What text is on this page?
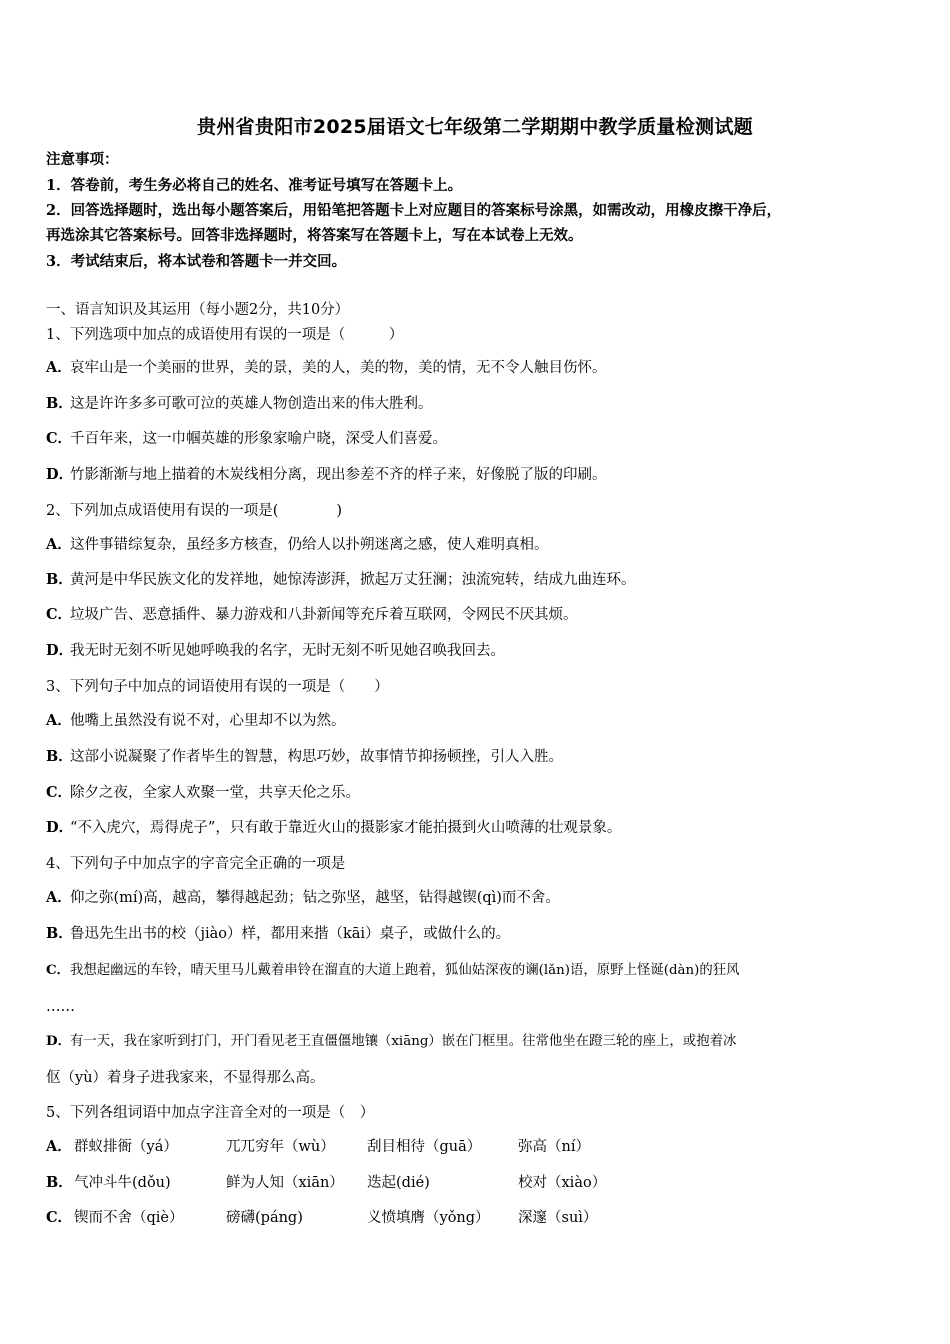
贵州省贵阳市2025届语文七年级第二学期期中教学质量检测试题
注意事项：
1．答卷前，考生务必将自己的姓名、准考证号填写在答题卡上。
2．回答选择题时，选出每小题答案后，用铅笔把答题卡上对应题目的答案标号涂黑，如需改动，用橡皮擦干净后，
再选涂其它答案标号。回答非选择题时，将答案写在答题卡上，写在本试卷上无效。
3．考试结束后，将本试卷和答题卡一并交回。
一、语言知识及其运用（每小题2分，共10分）
1、下列选项中加点的成语使用有误的一项是（　　　）
A．哀牢山是一个美丽的世界，美的景，美的人，美的物，美的情，无不令人触目伤怀。
B．这是许许多多可歌可泣的英雄人物创造出来的伟大胜利。
C．千百年来，这一巾帼英雄的形象家喻户晓，深受人们喜爱。
D．竹影渐渐与地上描着的木炭线相分离，现出参差不齐的样子来，好像脱了版的印刷。
2、下列加点成语使用有误的一项是(　　　　)
A．这件事错综复杂，虽经多方核查，仍给人以扑朔迷离之感，使人难明真相。
B．黄河是中华民族文化的发祥地，她惊涛澎湃，掀起万丈狂澜；浊流宛转，结成九曲连环。
C．垃圾广告、恶意插件、暴力游戏和八卦新闻等充斥着互联网，令网民不厌其烦。
D．我无时无刻不听见她呼唤我的名字，无时无刻不听见她召唤我回去。
3、下列句子中加点的词语使用有误的一项是（　　）
A．他嘴上虽然没有说不对，心里却不以为然。
B．这部小说凝聚了作者毕生的智慧，构思巧妙，故事情节抑扬顿挫，引人入胜。
C．除夕之夜，全家人欢聚一堂，共享天伦之乐。
D．“不入虎穴，焉得虎子”，只有敢于靠近火山的摄影家才能拍摄到火山喷薄的壮观景象。
4、下列句子中加点字的字音完全正确的一项是
A．仰之弥(mí)高，越高，攀得越起劲；钻之弥坚，越坚，钻得越锲(qì)而不舍。
B．鲁迅先生出书的校（jiào）样，都用来揩（kāi）桌子，或做什么的。
C．我想起幽远的车铃，晴天里马儿戴着串铃在溜直的大道上跑着，狐仙姑深夜的谰(lǎn)语，原野上怪诞(dàn)的狂风
……
D．有一天，我在家听到打门，开门看见老王直僵僵地镶（xiāng）嵌在门框里。往常他坐在蹬三轮的座上，或抱着冰
伛（yù）着身子进我家来，不显得那么高。
5、下列各组词语中加点字注音全对的一项是（　）
A． 群蚁排衙（yá）	兀兀穷年（wù） 刮目相待（guā）	弥高（ní）
B． 气冲斗牛(dǒu)	鲜为人知（xiān） 迭起(dié)	校对（xiào）
C． 锲而不舍（qiè）	磅礴(páng)	义愤填膺（yǒng） 深邃（suì）
